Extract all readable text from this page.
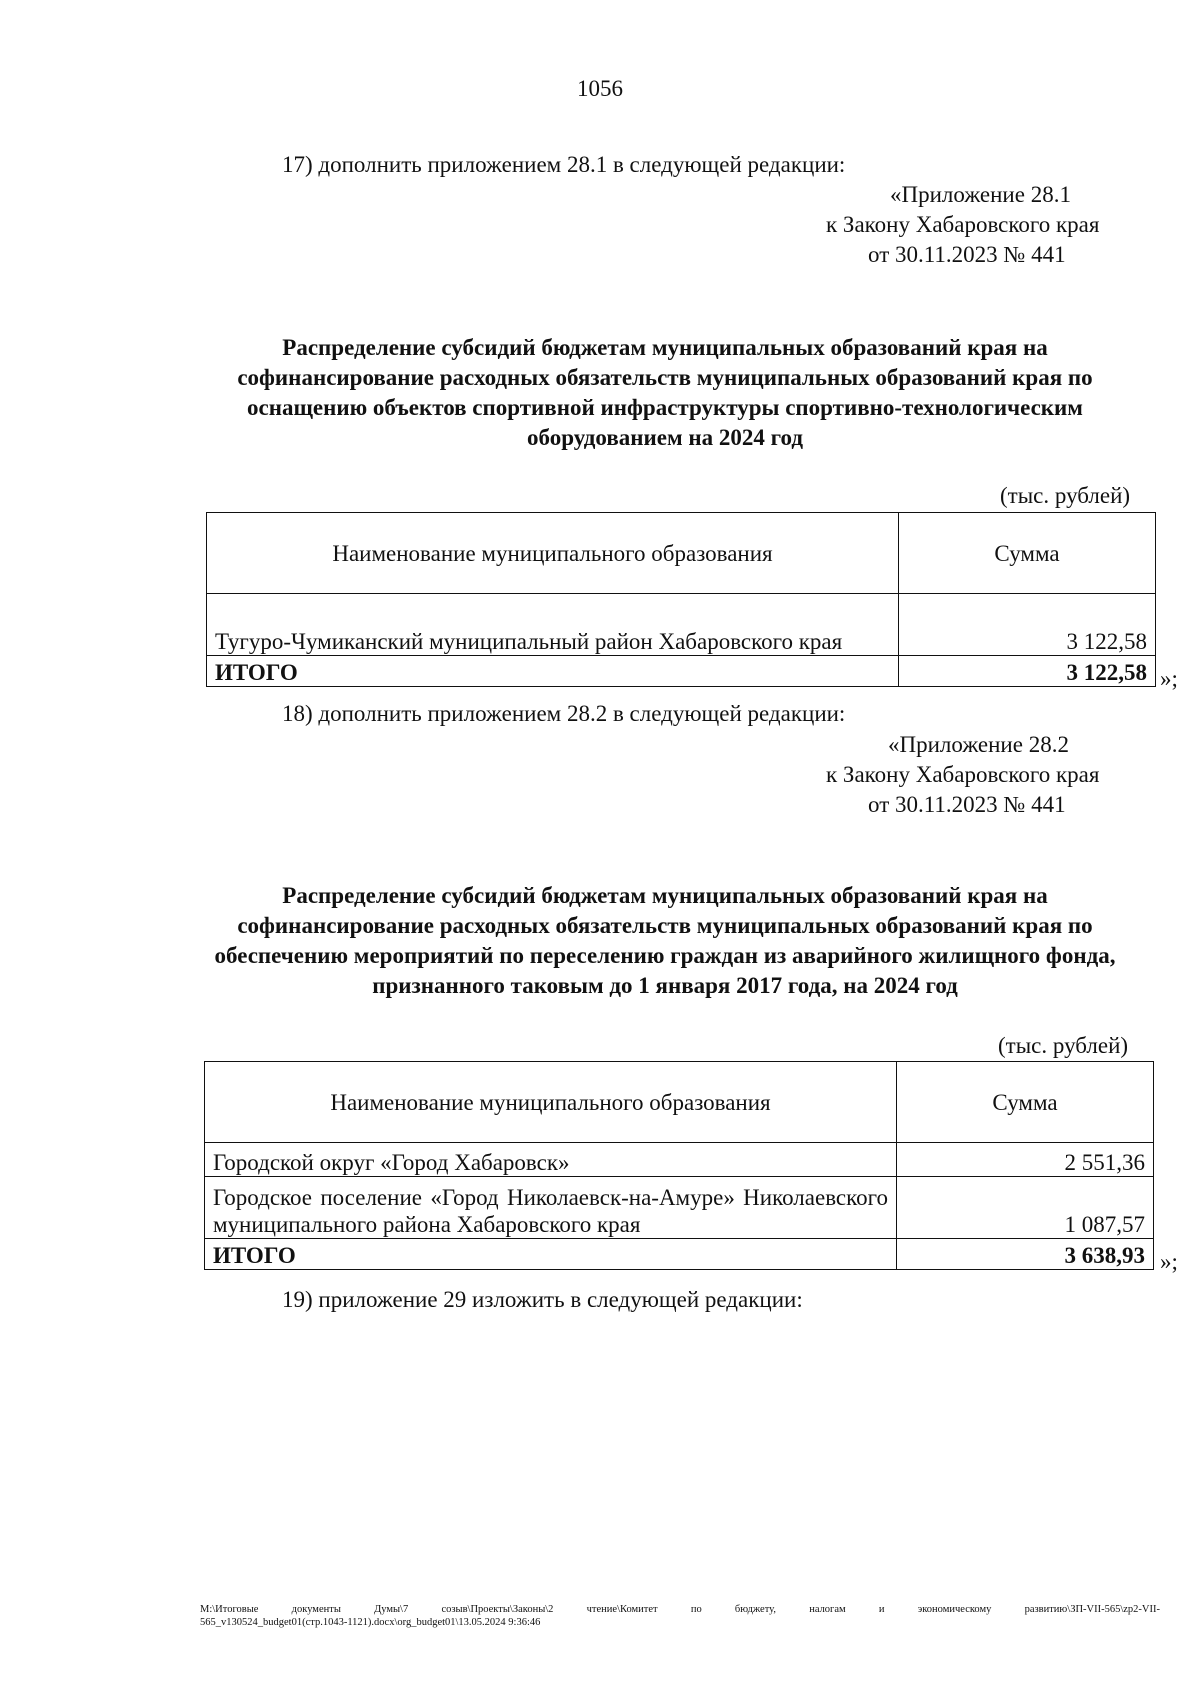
1056
17) дополнить приложением 28.1 в следующей редакции:
«Приложение 28.1
к Закону Хабаровского края
от 30.11.2023 № 441
Распределение субсидий бюджетам муниципальных образований края на софинансирование расходных обязательств муниципальных образований края по оснащению объектов спортивной инфраструктуры спортивно-технологическим оборудованием на 2024 год
(тыс. рублей)
Наименование муниципального образования	Сумма
Тугуро-Чумиканский муниципальный район Хабаровского края	3 122,58
ИТОГО	3 122,58 »;
18) дополнить приложением 28.2 в следующей редакции:
«Приложение 28.2
к Закону Хабаровского края
от 30.11.2023 № 441
Распределение субсидий бюджетам муниципальных образований края на софинансирование расходных обязательств муниципальных образований края по обеспечению мероприятий по переселению граждан из аварийного жилищного фонда, признанного таковым до 1 января 2017 года, на 2024 год
(тыс. рублей)
Наименование муниципального образования	Сумма
Городской округ «Город Хабаровск»	2 551,36
Городское поселение «Город Николаевск-на-Амуре» Николаевского муниципального района Хабаровского края	1 087,57
ИТОГО	3 638,93 »;
19) приложение 29 изложить в следующей редакции:
M:\Итоговые документы Думы\7 созыв\Проекты\Законы\2 чтение\Комитет по бюджету, налогам и экономическому развитию\ЗП-VII-565\zp2-VII-
565_v130524_budget01(стр.1043-1121).docx\org_budget01\13.05.2024 9:36:46
